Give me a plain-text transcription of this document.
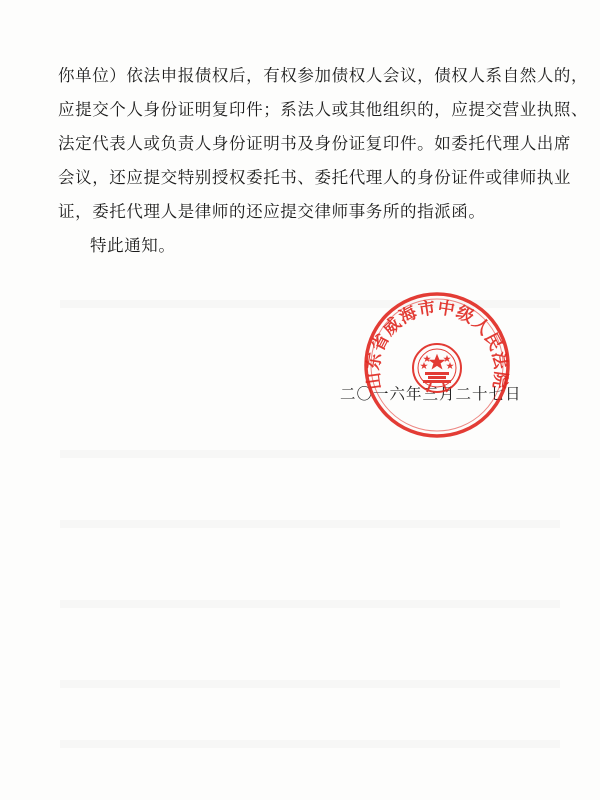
你单位）依法申报债权后，有权参加债权人会议，债权人系自然人的，
应提交个人身份证明复印件；系法人或其他组织的，应提交营业执照、
法定代表人或负责人身份证明书及身份证复印件。如委托代理人出席
会议，还应提交特别授权委托书、委托代理人的身份证件或律师执业
证，委托代理人是律师的还应提交律师事务所的指派函。
特此通知。
二〇一六年三月二十七日
山东省威海市中级人民法院
